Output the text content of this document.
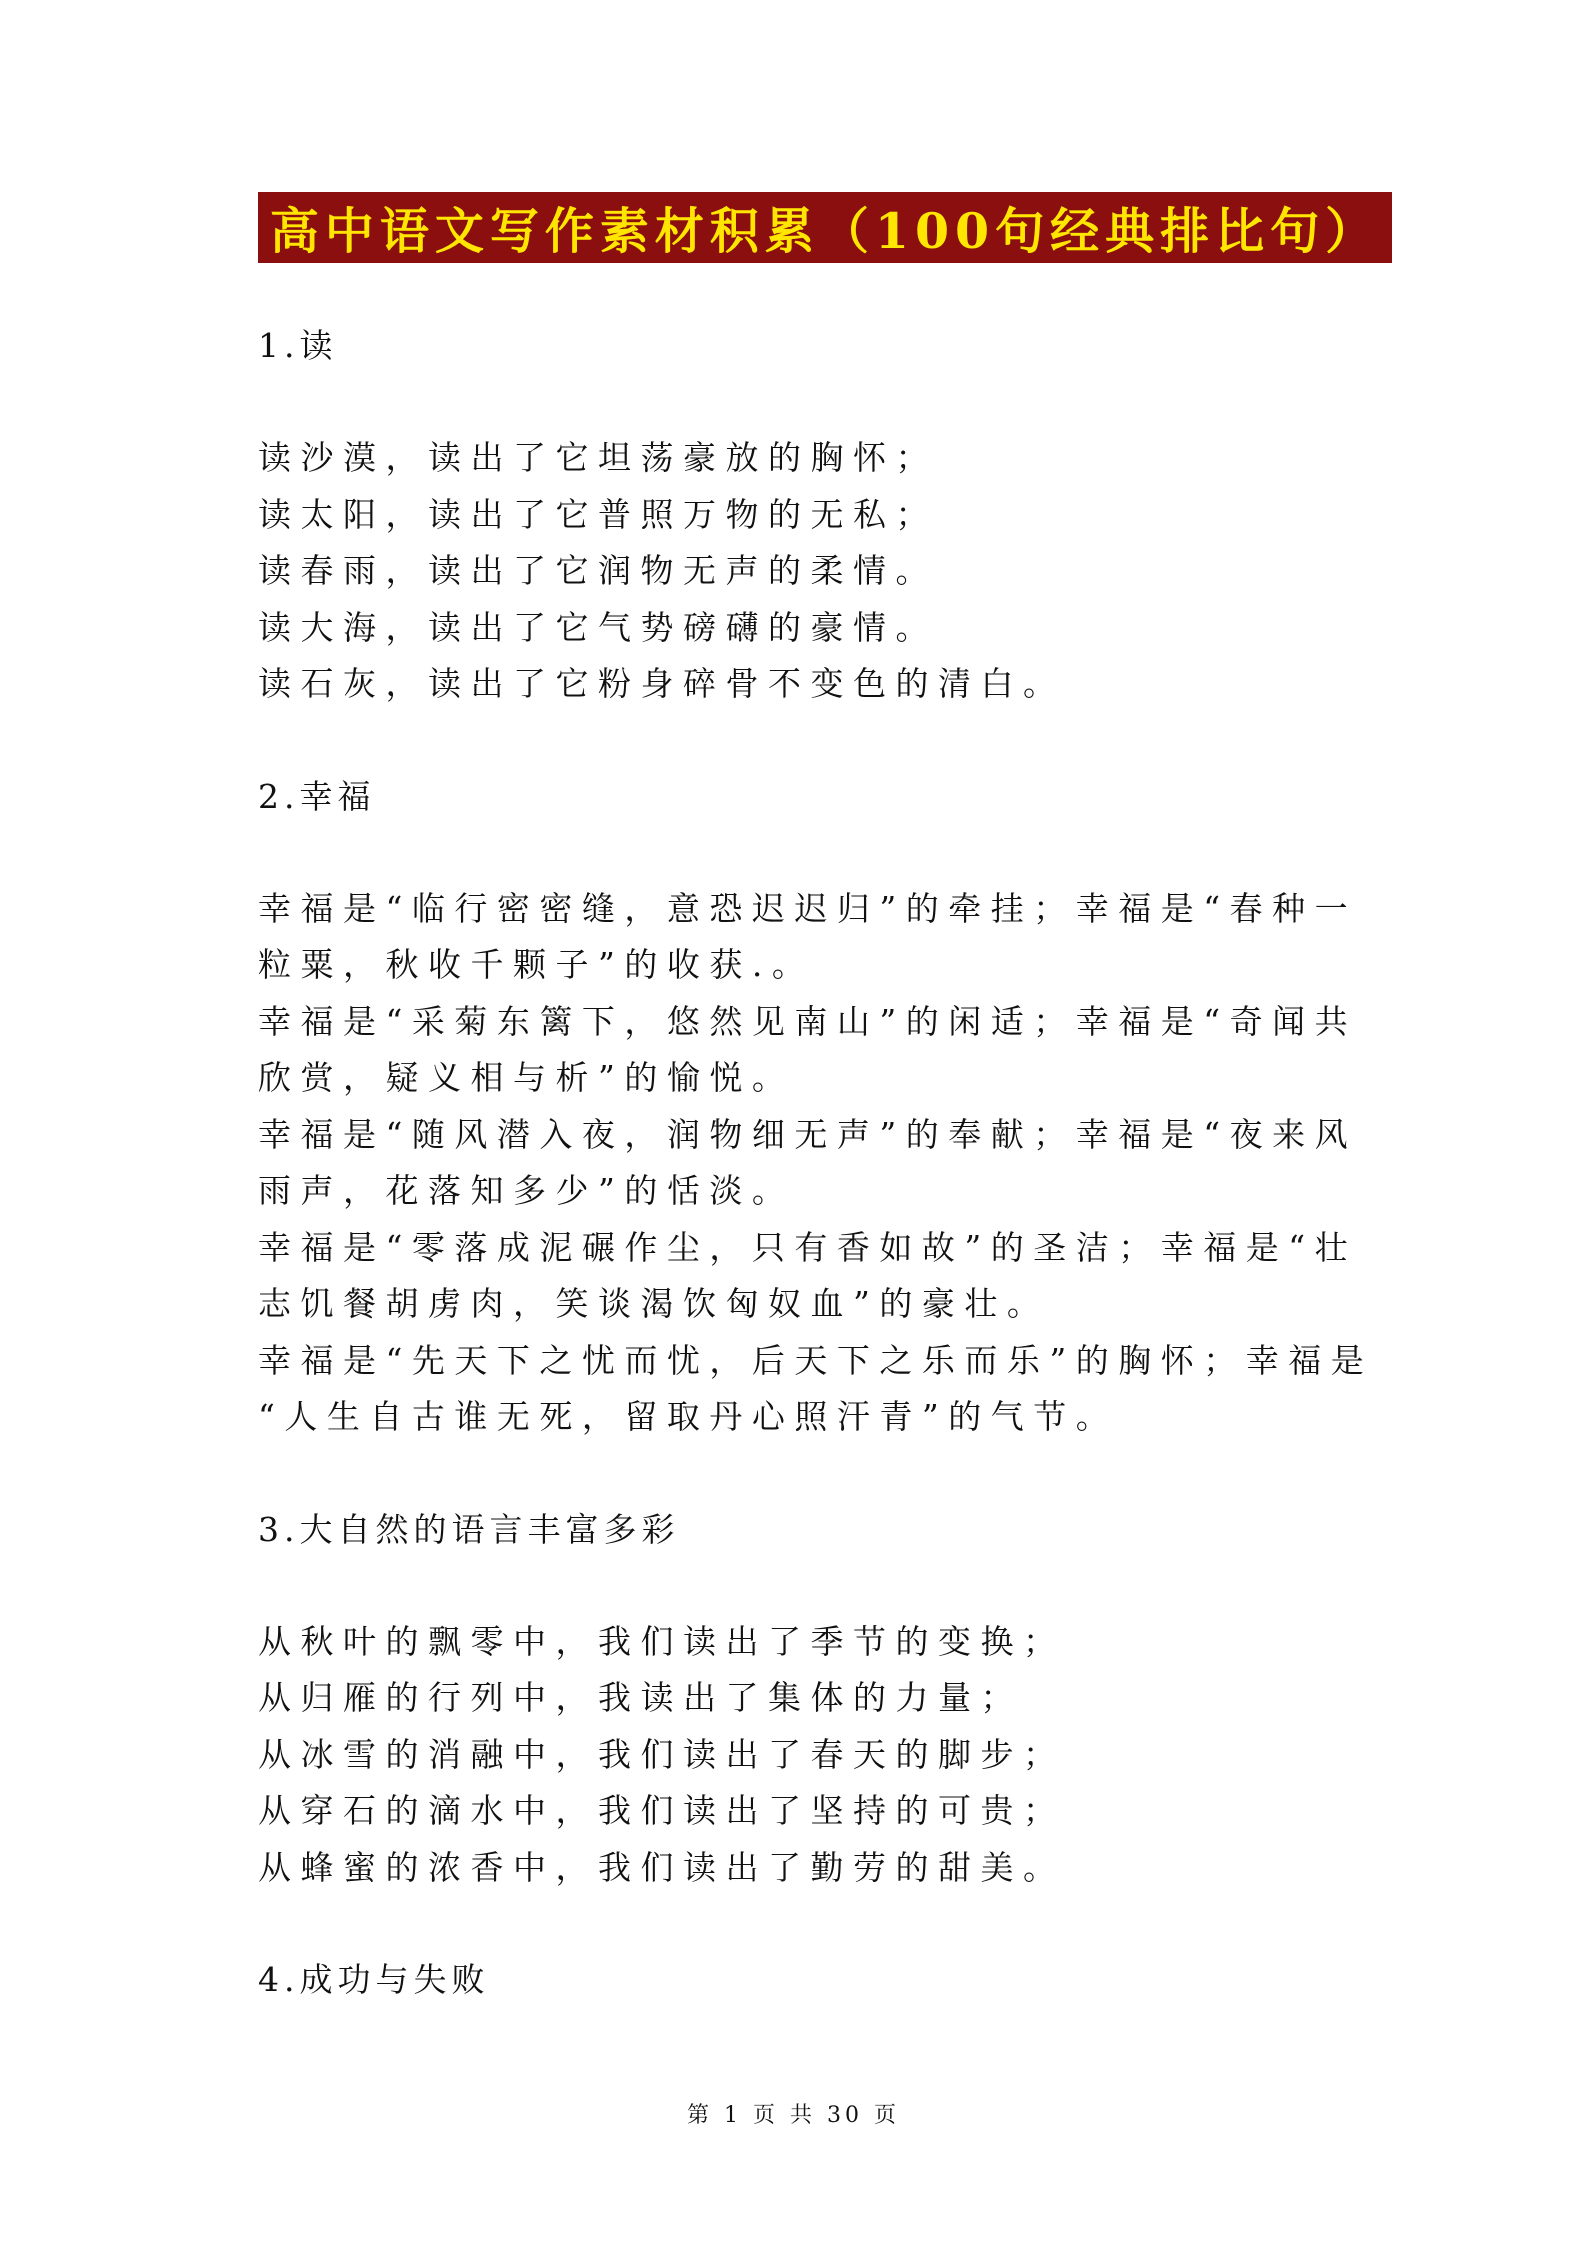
高中语文写作素材积累（100句经典排比句）
1.读
读沙漠，读出了它坦荡豪放的胸怀；
读太阳，读出了它普照万物的无私；
读春雨，读出了它润物无声的柔情。
读大海，读出了它气势磅礴的豪情。
读石灰，读出了它粉身碎骨不变色的清白。
2.幸福
幸福是“临行密密缝，意恐迟迟归”的牵挂；幸福是“春种一
粒粟，秋收千颗子”的收获.。
幸福是“采菊东篱下，悠然见南山”的闲适；幸福是“奇闻共
欣赏，疑义相与析”的愉悦。
幸福是“随风潜入夜，润物细无声”的奉献；幸福是“夜来风
雨声，花落知多少”的恬淡。
幸福是“零落成泥碾作尘，只有香如故”的圣洁；幸福是“壮
志饥餐胡虏肉，笑谈渴饮匈奴血”的豪壮。
幸福是“先天下之忧而忧，后天下之乐而乐”的胸怀；幸福是
“人生自古谁无死，留取丹心照汗青”的气节。
3.大自然的语言丰富多彩
从秋叶的飘零中，我们读出了季节的变换；
从归雁的行列中，我读出了集体的力量；
从冰雪的消融中，我们读出了春天的脚步；
从穿石的滴水中，我们读出了坚持的可贵；
从蜂蜜的浓香中，我们读出了勤劳的甜美。
4.成功与失败
第 1 页 共 30 页
